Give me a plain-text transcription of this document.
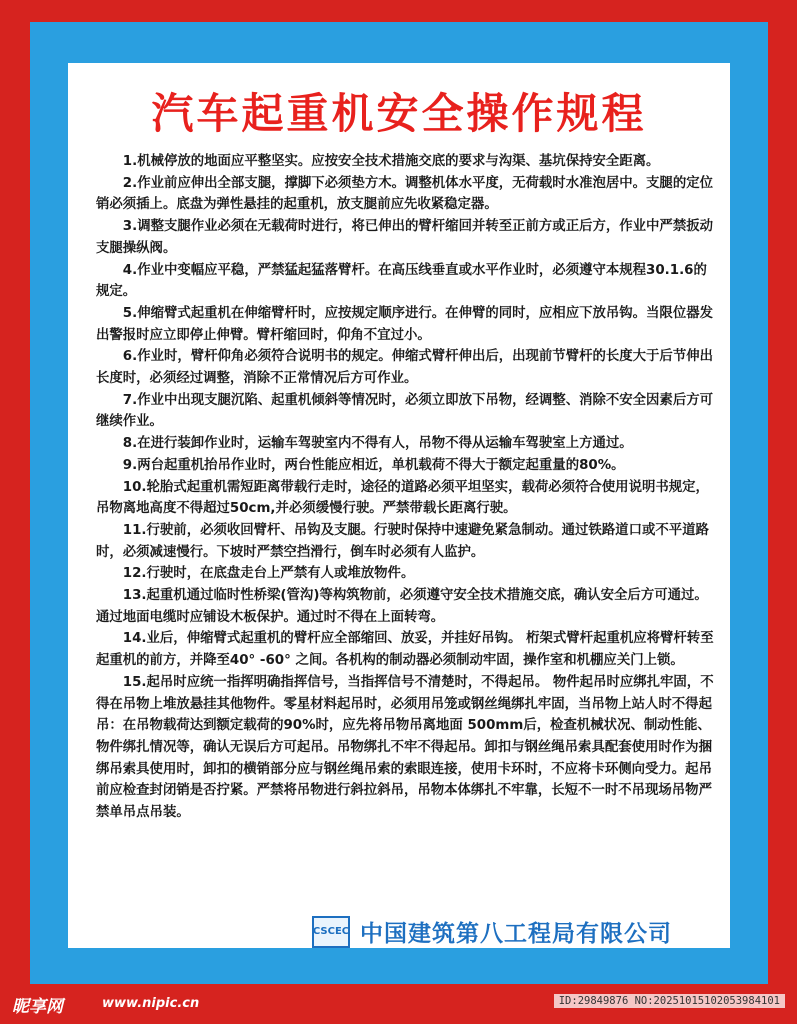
汽车起重机安全操作规程

1.机械停放的地面应平整坚实。应按安全技术措施交底的要求与沟渠、基坑保持安全距离。

2.作业前应伸出全部支腿，撑脚下必须垫方木。调整机体水平度，无荷载时水准泡居中。支腿的定位销必须插上。底盘为弹性悬挂的起重机，放支腿前应先收紧稳定器。

3.调整支腿作业必须在无载荷时进行，将已伸出的臂杆缩回并转至正前方或正后方，作业中严禁扳动支腿操纵阀。

4.作业中变幅应平稳，严禁猛起猛落臂杆。在高压线垂直或水平作业时，必须遵守本规程30.1.6的规定。

5.伸缩臂式起重机在伸缩臂杆时，应按规定顺序进行。在伸臂的同时，应相应下放吊钩。当限位器发出警报时应立即停止伸臂。臂杆缩回时，仰角不宜过小。

6.作业时，臂杆仰角必须符合说明书的规定。伸缩式臂杆伸出后，出现前节臂杆的长度大于后节伸出长度时，必须经过调整，消除不正常情况后方可作业。

7.作业中出现支腿沉陷、起重机倾斜等情况时，必须立即放下吊物，经调整、消除不安全因素后方可继续作业。

8.在进行装卸作业时，运输车驾驶室内不得有人，吊物不得从运输车驾驶室上方通过。

9.两台起重机抬吊作业时，两台性能应相近，单机载荷不得大于额定起重量的80%。

10.轮胎式起重机需短距离带载行走时，途径的道路必须平坦坚实，载荷必须符合使用说明书规定，吊物离地高度不得超过50cm,并必须缓慢行驶。严禁带载长距离行驶。

11.行驶前，必须收回臂杆、吊钩及支腿。行驶时保持中速避免紧急制动。通过铁路道口或不平道路时，必须减速慢行。下坡时严禁空挡滑行，倒车时必须有人监护。

12.行驶时，在底盘走台上严禁有人或堆放物件。

13.起重机通过临时性桥梁(管沟)等构筑物前，必须遵守安全技术措施交底，确认安全后方可通过。通过地面电缆时应铺设木板保护。通过时不得在上面转弯。

14.业后，伸缩臂式起重机的臂杆应全部缩回、放妥，并挂好吊钩。 桁架式臂杆起重机应将臂杆转至起重机的前方，并降至40° -60° 之间。各机构的制动器必须制动牢固，操作室和机棚应关门上锁。

15.起吊时应统一指挥明确指挥信号，当指挥信号不清楚时，不得起吊。 物件起吊时应绑扎牢固，不得在吊物上堆放悬挂其他物件。零星材料起吊时，必须用吊笼或钢丝绳绑扎牢固，当吊物上站人时不得起吊：在吊物载荷达到额定载荷的90%时，应先将吊物吊离地面 500mm后，检查机械状况、制动性能、物件绑扎情况等，确认无误后方可起吊。吊物绑扎不牢不得起吊。卸扣与钢丝绳吊索具配套使用时作为捆绑吊索具使用时，卸扣的横销部分应与钢丝绳吊索的索眼连接，使用卡环时，不应将卡环侧向受力。起吊前应检查封闭销是否拧紧。严禁将吊物进行斜拉斜吊，吊物本体绑扎不牢靠，长短不一时不吊现场吊物严禁单吊点吊装。

CSCEC 中国建筑第八工程局有限公司
昵享网	www.nipic.cn	ID:29849876 NO:20251015102053984101
